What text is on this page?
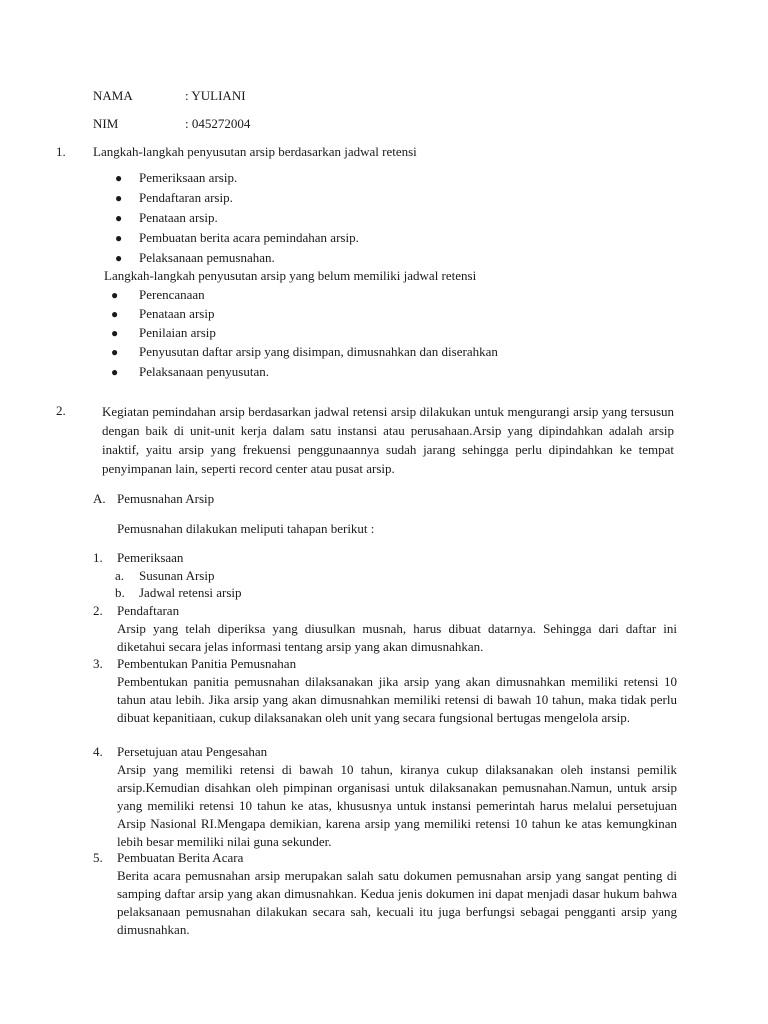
NAMA	: YULIANI
NIM	: 045272004
1. Langkah-langkah penyusutan arsip berdasarkan jadwal retensi
● Pemeriksaan arsip.
● Pendaftaran arsip.
● Penataan arsip.
● Pembuatan berita acara pemindahan arsip.
● Pelaksanaan pemusnahan.
Langkah-langkah penyusutan arsip yang belum memiliki jadwal retensi
● Perencanaan
● Penataan arsip
● Penilaian arsip
● Penyusutan daftar arsip yang disimpan, dimusnahkan dan diserahkan
● Pelaksanaan penyusutan.
2.	Kegiatan pemindahan arsip berdasarkan jadwal retensi arsip dilakukan untuk mengurangi arsip yang tersusun dengan baik di unit-unit kerja dalam satu instansi atau perusahaan.Arsip yang dipindahkan adalah arsip inaktif, yaitu arsip yang frekuensi penggunaannya sudah jarang sehingga perlu dipindahkan ke tempat penyimpanan lain, seperti record center atau pusat arsip.
A. Pemusnahan Arsip
Pemusnahan dilakukan meliputi tahapan berikut :
1. Pemeriksaan
a. Susunan Arsip
b. Jadwal retensi arsip
2. Pendaftaran
Arsip yang telah diperiksa yang diusulkan musnah, harus dibuat datarnya. Sehingga dari daftar ini diketahui secara jelas informasi tentang arsip yang akan dimusnahkan.
3. Pembentukan Panitia Pemusnahan
Pembentukan panitia pemusnahan dilaksanakan jika arsip yang akan dimusnahkan memiliki retensi 10 tahun atau lebih. Jika arsip yang akan dimusnahkan memiliki retensi di bawah 10 tahun, maka tidak perlu dibuat kepanitiaan, cukup dilaksanakan oleh unit yang secara fungsional bertugas mengelola arsip.
4. Persetujuan atau Pengesahan
Arsip yang memiliki retensi di bawah 10 tahun, kiranya cukup dilaksanakan oleh instansi pemilik arsip.Kemudian disahkan oleh pimpinan organisasi untuk dilaksanakan pemusnahan.Namun, untuk arsip yang memiliki retensi 10 tahun ke atas, khususnya untuk instansi pemerintah harus melalui persetujuan Arsip Nasional RI.Mengapa demikian, karena arsip yang memiliki retensi 10 tahun ke atas kemungkinan lebih besar memiliki nilai guna sekunder.
5. Pembuatan Berita Acara
Berita acara pemusnahan arsip merupakan salah satu dokumen pemusnahan arsip yang sangat penting di samping daftar arsip yang akan dimusnahkan. Kedua jenis dokumen ini dapat menjadi dasar hukum bahwa pelaksanaan pemusnahan dilakukan secara sah, kecuali itu juga berfungsi sebagai pengganti arsip yang dimusnahkan.
